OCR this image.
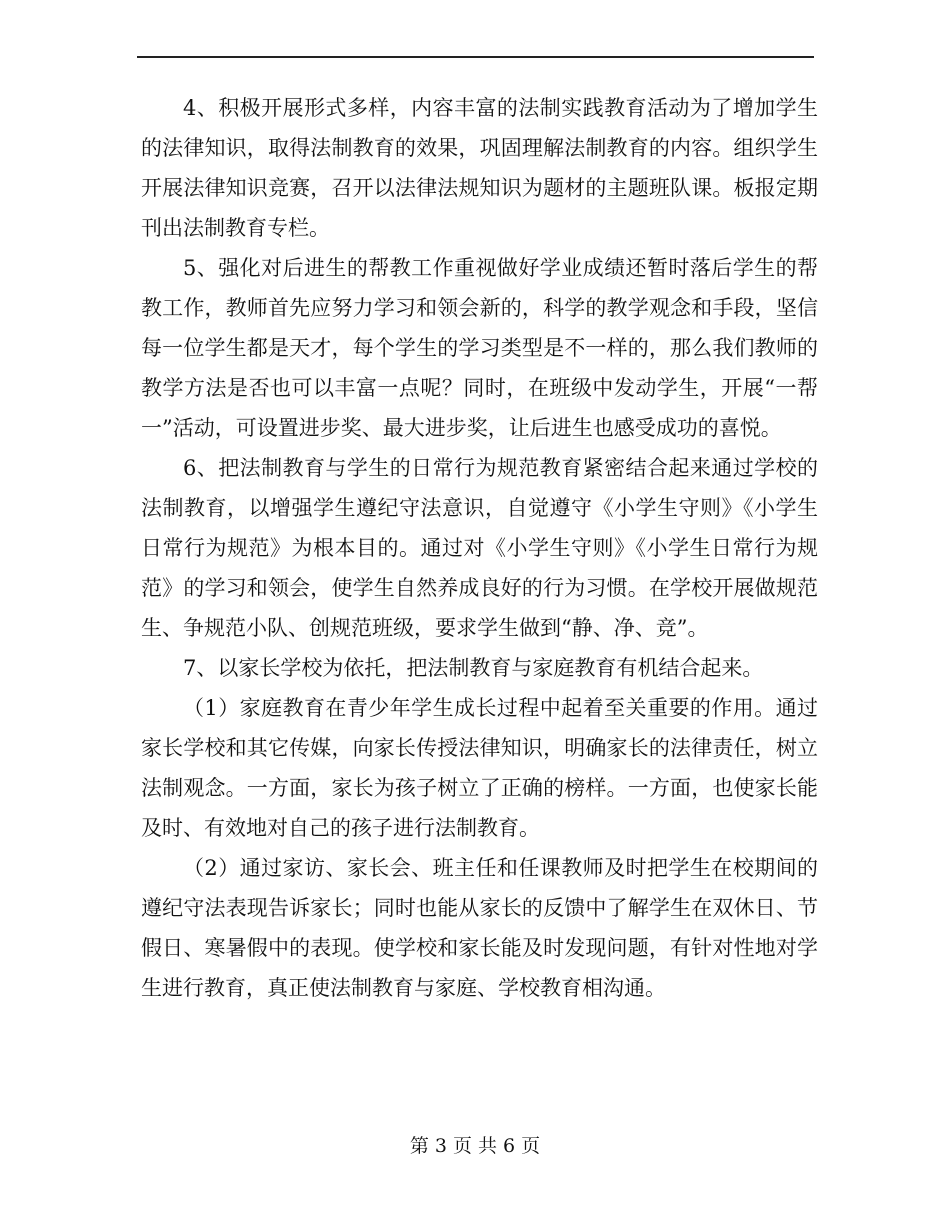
4、积极开展形式多样，内容丰富的法制实践教育活动为了增加学生的法律知识，取得法制教育的效果，巩固理解法制教育的内容。组织学生开展法律知识竞赛，召开以法律法规知识为题材的主题班队课。板报定期刊出法制教育专栏。

5、强化对后进生的帮教工作重视做好学业成绩还暂时落后学生的帮教工作，教师首先应努力学习和领会新的，科学的教学观念和手段，坚信每一位学生都是天才，每个学生的学习类型是不一样的，那么我们教师的教学方法是否也可以丰富一点呢？同时，在班级中发动学生，开展“一帮一”活动，可设置进步奖、最大进步奖，让后进生也感受成功的喜悦。

6、把法制教育与学生的日常行为规范教育紧密结合起来通过学校的法制教育，以增强学生遵纪守法意识，自觉遵守《小学生守则》《小学生日常行为规范》为根本目的。通过对《小学生守则》《小学生日常行为规范》的学习和领会，使学生自然养成良好的行为习惯。在学校开展做规范生、争规范小队、创规范班级，要求学生做到“静、净、竞”。

7、以家长学校为依托，把法制教育与家庭教育有机结合起来。

（1）家庭教育在青少年学生成长过程中起着至关重要的作用。通过家长学校和其它传媒，向家长传授法律知识，明确家长的法律责任，树立法制观念。一方面，家长为孩子树立了正确的榜样。一方面，也使家长能及时、有效地对自己的孩子进行法制教育。

（2）通过家访、家长会、班主任和任课教师及时把学生在校期间的遵纪守法表现告诉家长；同时也能从家长的反馈中了解学生在双休日、节假日、寒暑假中的表现。使学校和家长能及时发现问题，有针对性地对学生进行教育，真正使法制教育与家庭、学校教育相沟通。

第 3 页 共 6 页
